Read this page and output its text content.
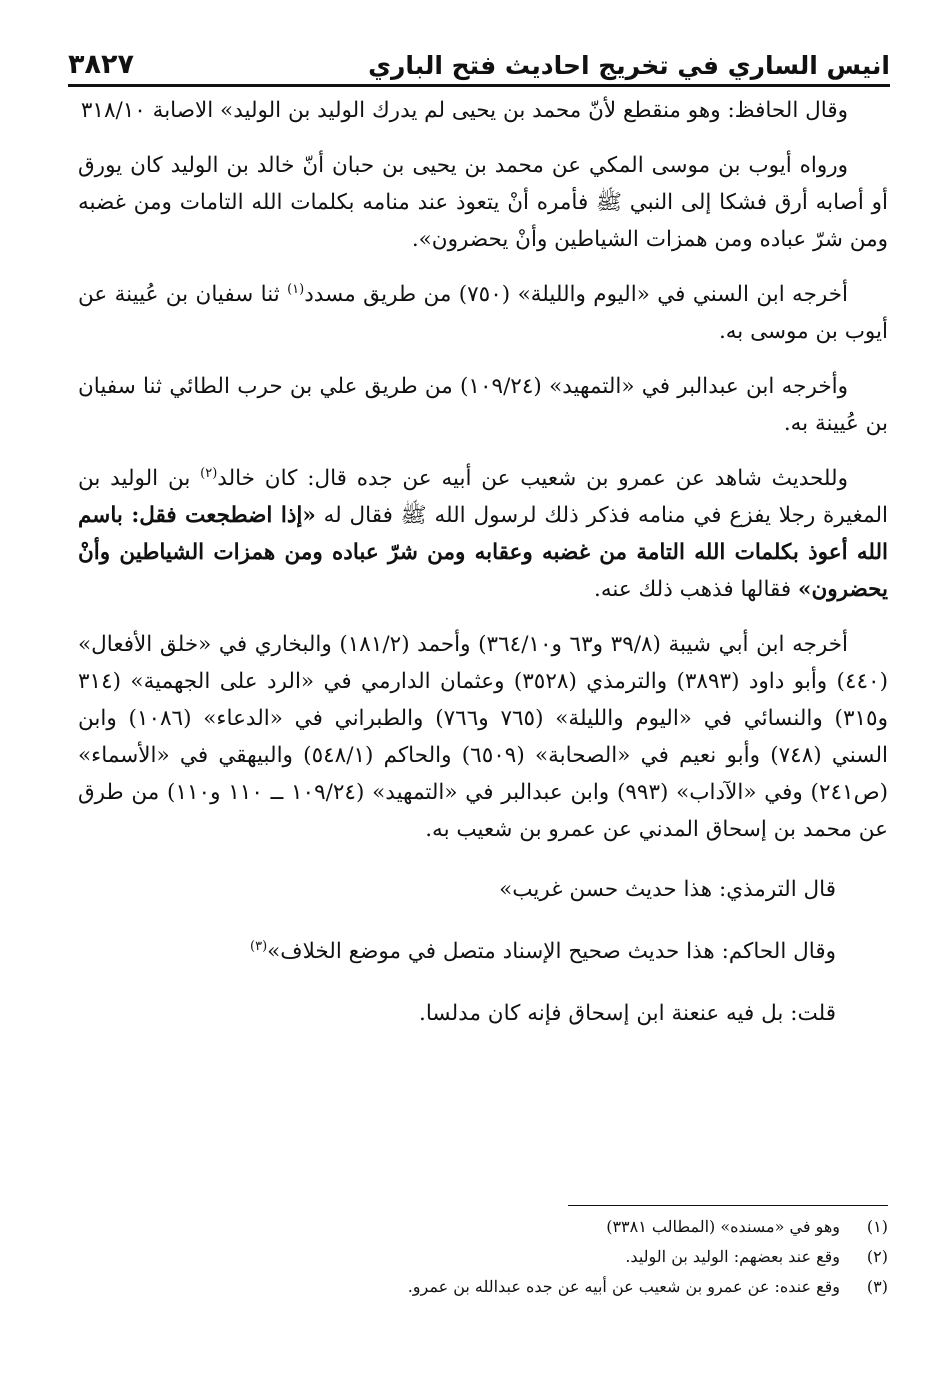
انيس الساري في تخريج احاديث فتح الباري
٣٨٢٧

وقال الحافظ: وهو منقطع لأنّ محمد بن يحيى لم يدرك الوليد بن الوليد» الاصابة ٣١٨/١٠

ورواه أيوب بن موسى المكي عن محمد بن يحيى بن حبان أنّ خالد بن الوليد كان يورق أو أصابه أرق فشكا إلى النبي ﷺ فأمره أنْ يتعوذ عند منامه بكلمات الله التامات ومن غضبه ومن شرّ عباده ومن همزات الشياطين وأنْ يحضرون».

أخرجه ابن السني في «اليوم والليلة» (٧٥٠) من طريق مسدد$^{(١)}$ ثنا سفيان بن عُيينة عن أيوب بن موسى به.

وأخرجه ابن عبدالبر في «التمهيد» (١٠٩/٢٤) من طريق علي بن حرب الطائي ثنا سفيان بن عُيينة به.

وللحديث شاهد عن عمرو بن شعيب عن أبيه عن جده قال: كان خالد$^{(٢)}$ بن الوليد بن المغيرة رجلا يفزع في منامه فذكر ذلك لرسول الله ﷺ فقال له «إذا اضطجعت فقل: باسم الله أعوذ بكلمات الله التامة من غضبه وعقابه ومن شرّ عباده ومن همزات الشياطين وأنْ يحضرون» فقالها فذهب ذلك عنه.

أخرجه ابن أبي شيبة (٣٩/٨ و٦٣ و٣٦٤/١٠) وأحمد (١٨١/٢) والبخاري في «خلق الأفعال» (٤٤٠) وأبو داود (٣٨٩٣) والترمذي (٣٥٢٨) وعثمان الدارمي في «الرد على الجهمية» (٣١٤ و٣١٥) والنسائي في «اليوم والليلة» (٧٦٥ و٧٦٦) والطبراني في «الدعاء» (١٠٨٦) وابن السني (٧٤٨) وأبو نعيم في «الصحابة» (٦٥٠٩) والحاكم (٥٤٨/١) والبيهقي في «الأسماء» (ص٢٤١) وفي «الآداب» (٩٩٣) وابن عبدالبر في «التمهيد» (١٠٩/٢٤ ــ ١١٠ و١١٠) من طرق عن محمد بن إسحاق المدني عن عمرو بن شعيب به.

قال الترمذي: هذا حديث حسن غريب»
وقال الحاكم: هذا حديث صحيح الإسناد متصل في موضع الخلاف»$^{(٣)}$
قلت: بل فيه عنعنة ابن إسحاق فإنه كان مدلسا.

(١)وهو في «مسنده» (المطالب ٣٣٨١)

(٢)وقع عند بعضهم: الوليد بن الوليد.

(٣)وقع عنده: عن عمرو بن شعيب عن أبيه عن جده عبدالله بن عمرو.
